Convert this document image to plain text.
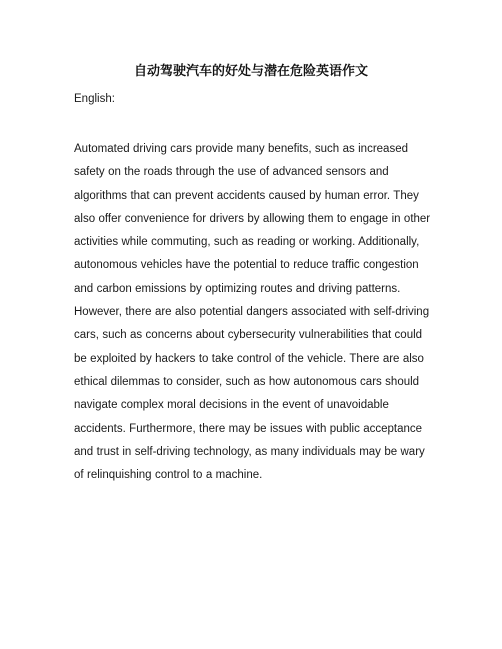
自动驾驶汽车的好处与潜在危险英语作文
English:

Automated driving cars provide many benefits, such as increased safety on the roads through the use of advanced sensors and algorithms that can prevent accidents caused by human error. They also offer convenience for drivers by allowing them to engage in other activities while commuting, such as reading or working. Additionally, autonomous vehicles have the potential to reduce traffic congestion and carbon emissions by optimizing routes and driving patterns. However, there are also potential dangers associated with self-driving cars, such as concerns about cybersecurity vulnerabilities that could be exploited by hackers to take control of the vehicle. There are also ethical dilemmas to consider, such as how autonomous cars should navigate complex moral decisions in the event of unavoidable accidents. Furthermore, there may be issues with public acceptance and trust in self-driving technology, as many individuals may be wary of relinquishing control to a machine.
